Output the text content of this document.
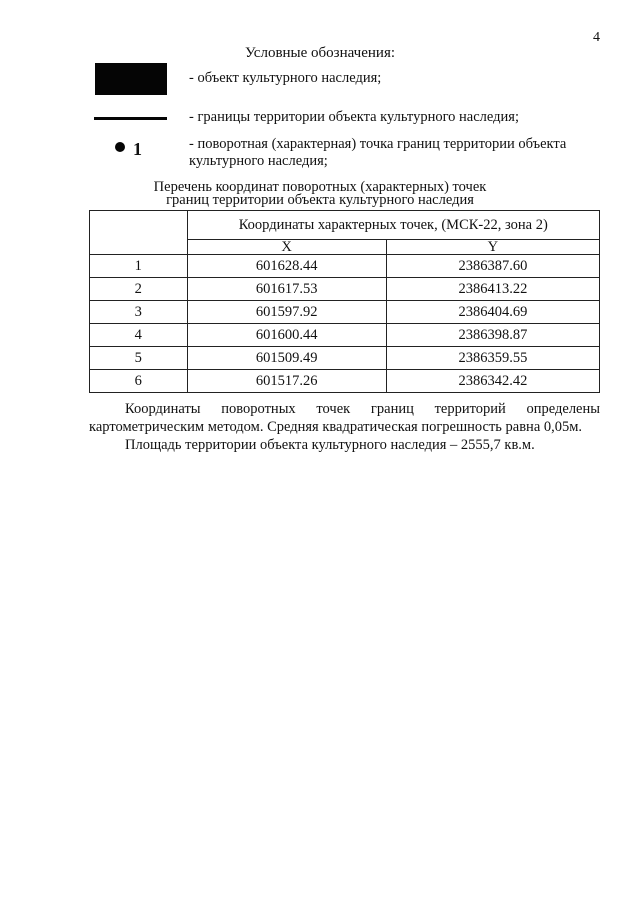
4
Условные обозначения:
- объект культурного наследия;
- границы территории объекта культурного наследия;
1	- поворотная (характерная) точка границ территории объекта
культурного наследия;
Перечень координат поворотных (характерных) точек
границ территории объекта культурного наследия
	Координаты характерных точек, (МСК-22, зона 2)	
	X	Y
1	601628.44	2386387.60
2	601617.53	2386413.22
3	601597.92	2386404.69
4	601600.44	2386398.87
5	601509.49	2386359.55
6	601517.26	2386342.42
Координаты поворотных точек границ территорий определены
картометрическим методом. Средняя квадратическая погрешность равна 0,05м.
Площадь территории объекта культурного наследия – 2555,7 кв.м.
